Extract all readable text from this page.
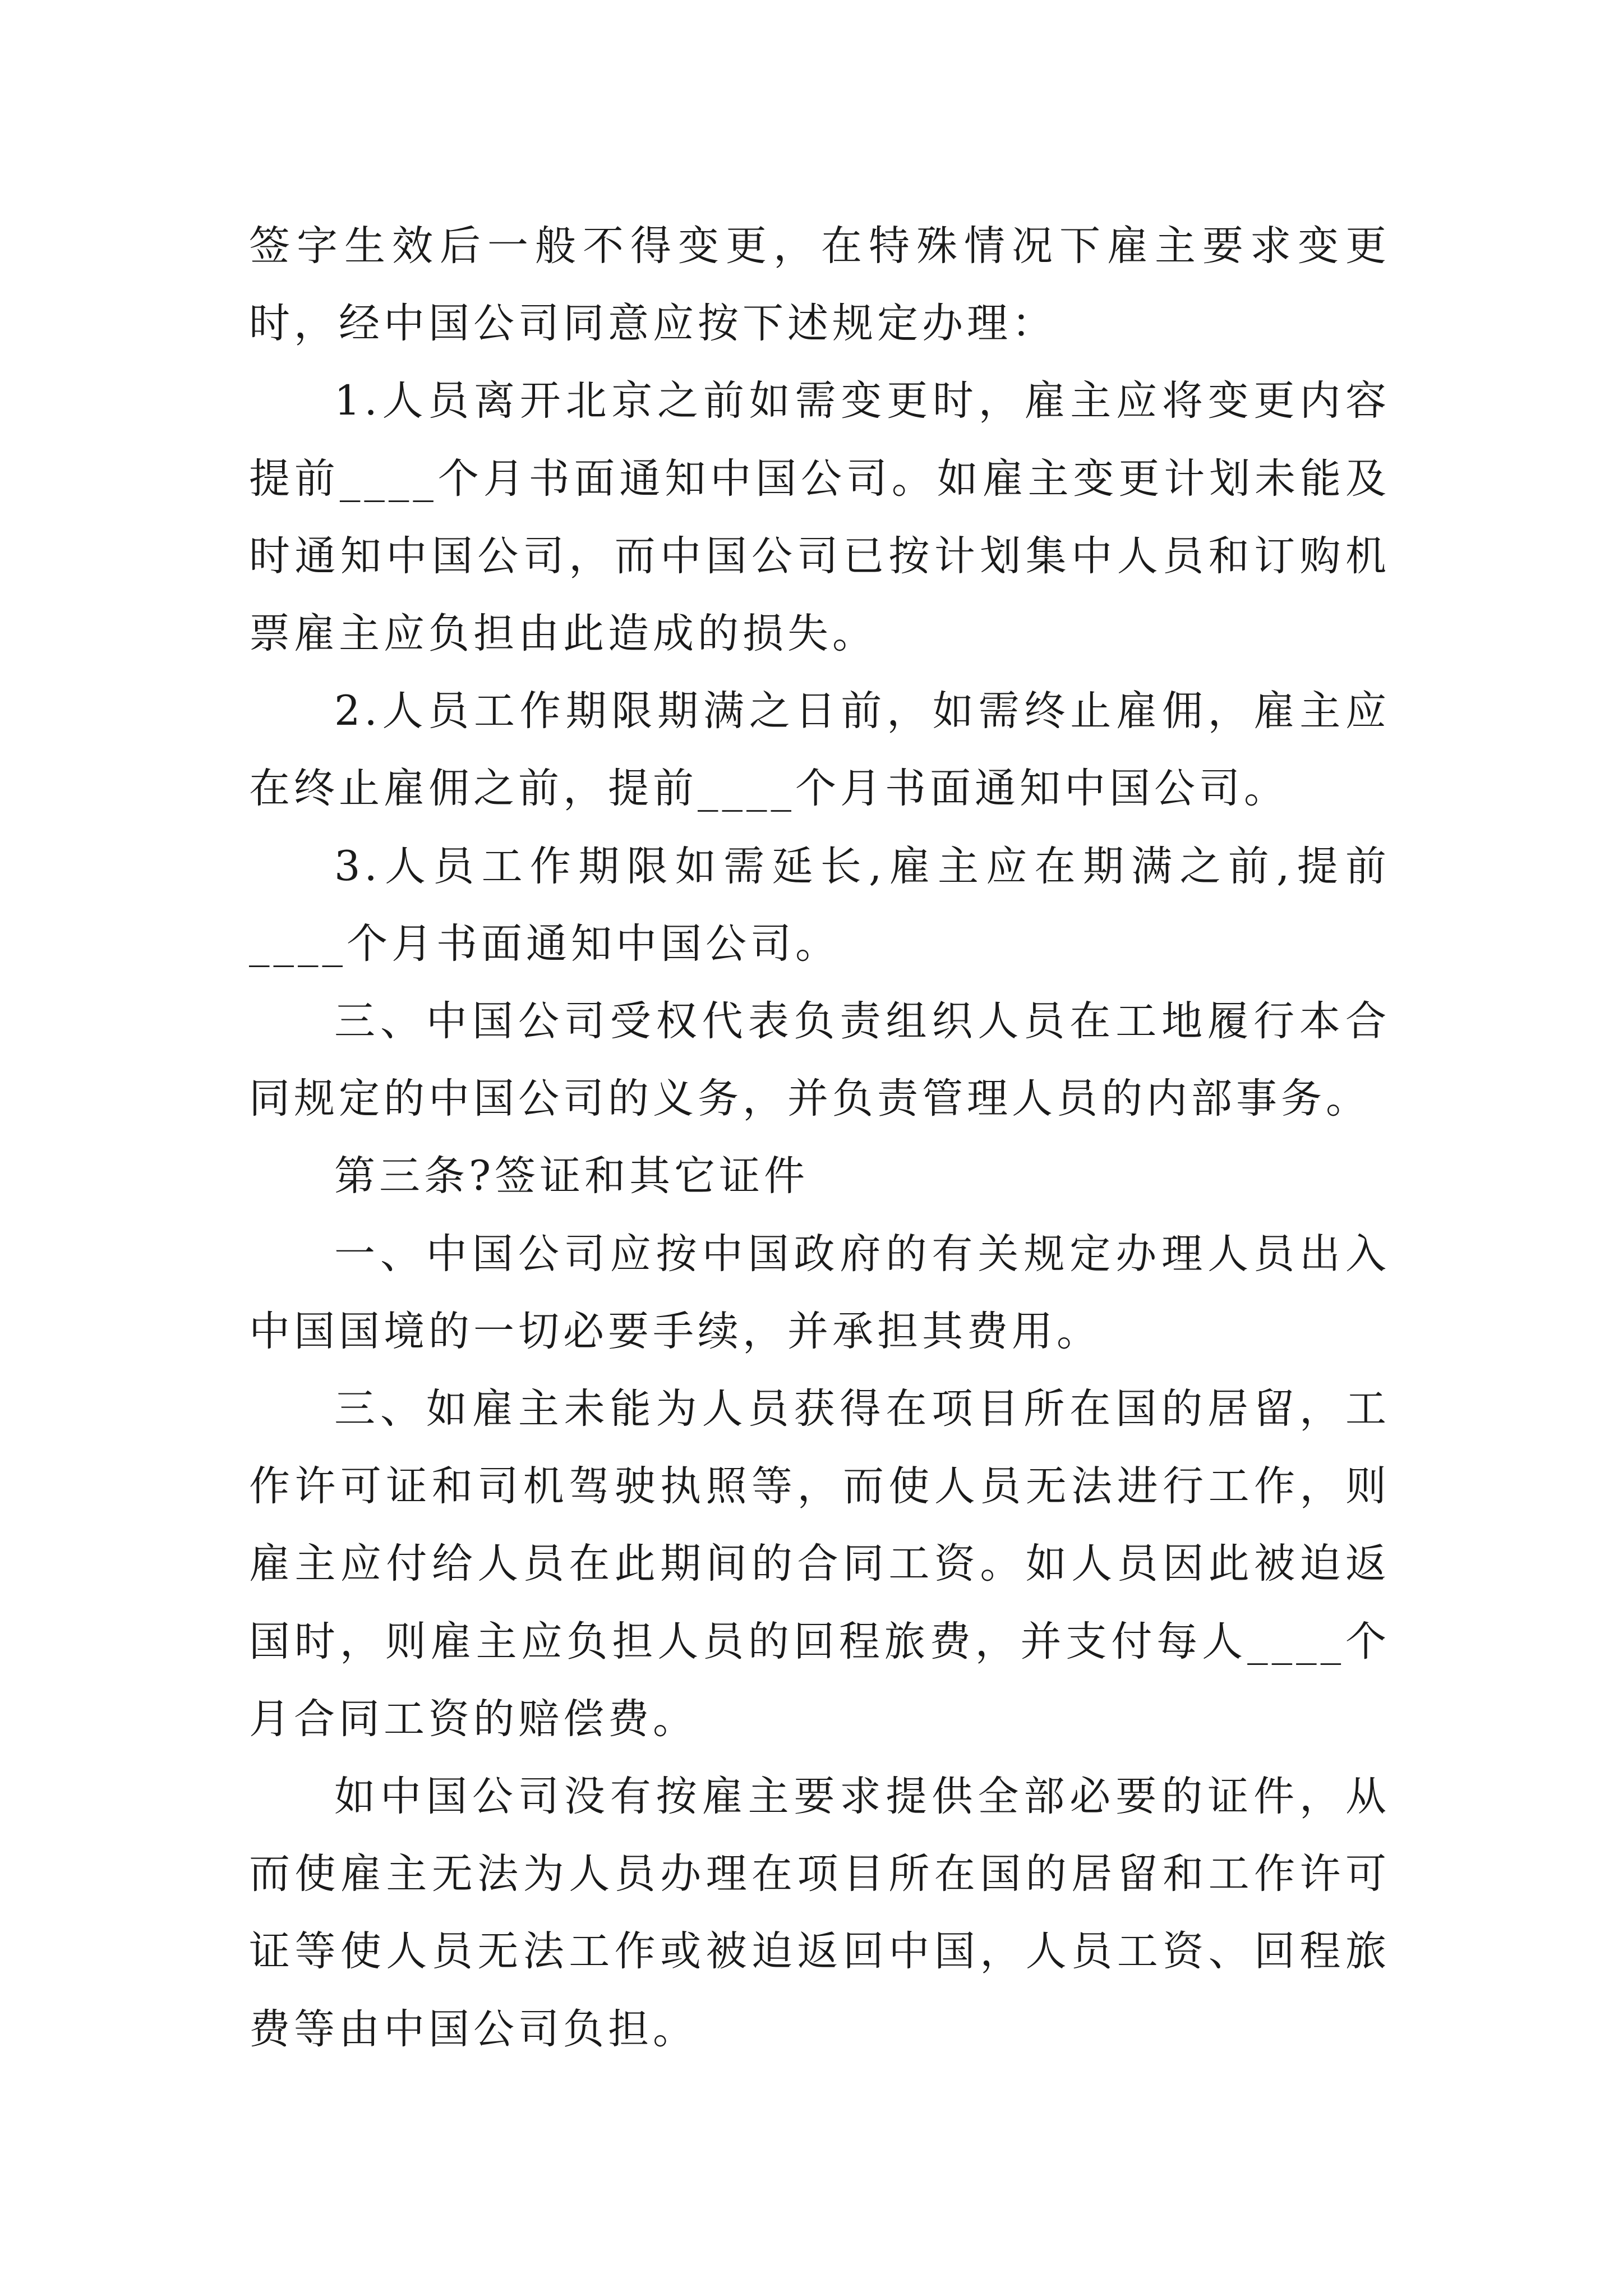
签字生效后一般不得变更，在特殊情况下雇主要求变更时，经中国公司同意应按下述规定办理：

1.人员离开北京之前如需变更时，雇主应将变更内容提前____个月书面通知中国公司。如雇主变更计划未能及时通知中国公司，而中国公司已按计划集中人员和订购机票雇主应负担由此造成的损失。

2.人员工作期限期满之日前，如需终止雇佣，雇主应在终止雇佣之前，提前____个月书面通知中国公司。

3.人员工作期限如需延长,雇主应在期满之前,提前____个月书面通知中国公司。

三、中国公司受权代表负责组织人员在工地履行本合同规定的中国公司的义务，并负责管理人员的内部事务。

第三条?签证和其它证件

一、中国公司应按中国政府的有关规定办理人员出入中国国境的一切必要手续，并承担其费用。

三、如雇主未能为人员获得在项目所在国的居留，工作许可证和司机驾驶执照等，而使人员无法进行工作，则雇主应付给人员在此期间的合同工资。如人员因此被迫返国时，则雇主应负担人员的回程旅费，并支付每人____个月合同工资的赔偿费。

如中国公司没有按雇主要求提供全部必要的证件，从而使雇主无法为人员办理在项目所在国的居留和工作许可证等使人员无法工作或被迫返回中国，人员工资、回程旅费等由中国公司负担。
